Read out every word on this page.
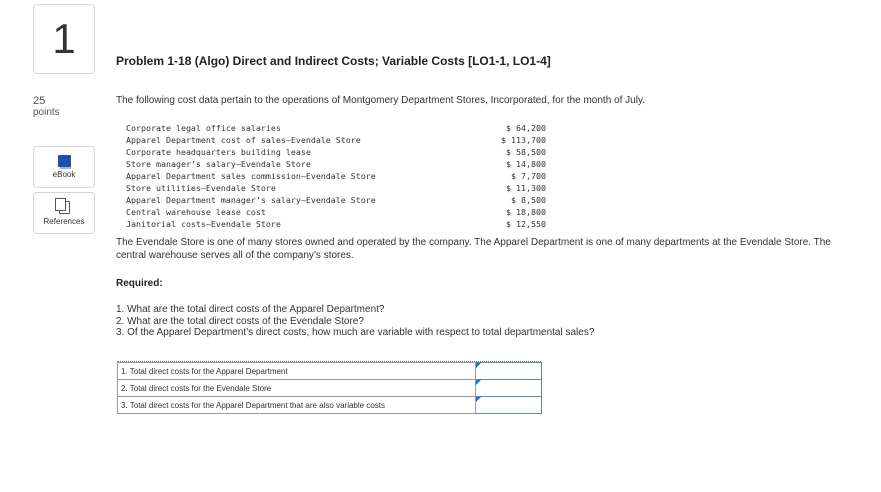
1
25
points
eBook
References
Problem 1-18 (Algo) Direct and Indirect Costs; Variable Costs [LO1-1, LO1-4]
The following cost data pertain to the operations of Montgomery Department Stores, Incorporated, for the month of July.
Corporate legal office salaries	$ 64,200
Apparel Department cost of sales–Evendale Store	$ 113,700
Corporate headquarters building lease	$ 58,500
Store manager’s salary–Evendale Store	$ 14,800
Apparel Department sales commission–Evendale Store	$ 7,700
Store utilities–Evendale Store	$ 11,300
Apparel Department manager’s salary–Evendale Store	$ 8,500
Central warehouse lease cost	$ 18,800
Janitorial costs–Evendale Store	$ 12,550
The Evendale Store is one of many stores owned and operated by the company. The Apparel Department is one of many departments at the Evendale Store. The central warehouse serves all of the company’s stores.
Required:
1. What are the total direct costs of the Apparel Department?
2. What are the total direct costs of the Evendale Store?
3. Of the Apparel Department’s direct costs, how much are variable with respect to total departmental sales?
1. Total direct costs for the Apparel Department	
2. Total direct costs for the Evendale Store	
3. Total direct costs for the Apparel Department that are also variable costs	
